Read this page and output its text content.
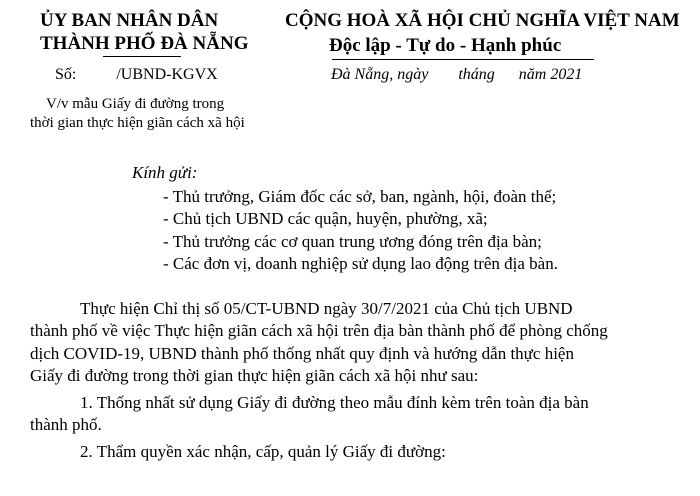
ỦY BAN NHÂN DÂN
THÀNH PHỐ ĐÀ NẴNG
Số:	/UBND-KGVX
V/v mẫu Giấy đi đường trong
thời gian thực hiện giãn cách xã hội
CỘNG HOÀ XÃ HỘI CHỦ NGHĨA VIỆT NAM
Độc lập - Tự do - Hạnh phúc
Đà Nẵng, ngày tháng năm 2021
Kính gửi:
- Thủ trưởng, Giám đốc các sở, ban, ngành, hội, đoàn thể;
- Chủ tịch UBND các quận, huyện, phường, xã;
- Thủ trưởng các cơ quan trung ương đóng trên địa bàn;
- Các đơn vị, doanh nghiệp sử dụng lao động trên địa bàn.
Thực hiện Chỉ thị số 05/CT-UBND ngày 30/7/2021 của Chủ tịch UBND
thành phố về việc Thực hiện giãn cách xã hội trên địa bàn thành phố để phòng chống
dịch COVID-19, UBND thành phố thống nhất quy định và hướng dẫn thực hiện
Giấy đi đường trong thời gian thực hiện giãn cách xã hội như sau:
1. Thống nhất sử dụng Giấy đi đường theo mẫu đính kèm trên toàn địa bàn
thành phố.
2. Thẩm quyền xác nhận, cấp, quản lý Giấy đi đường:
